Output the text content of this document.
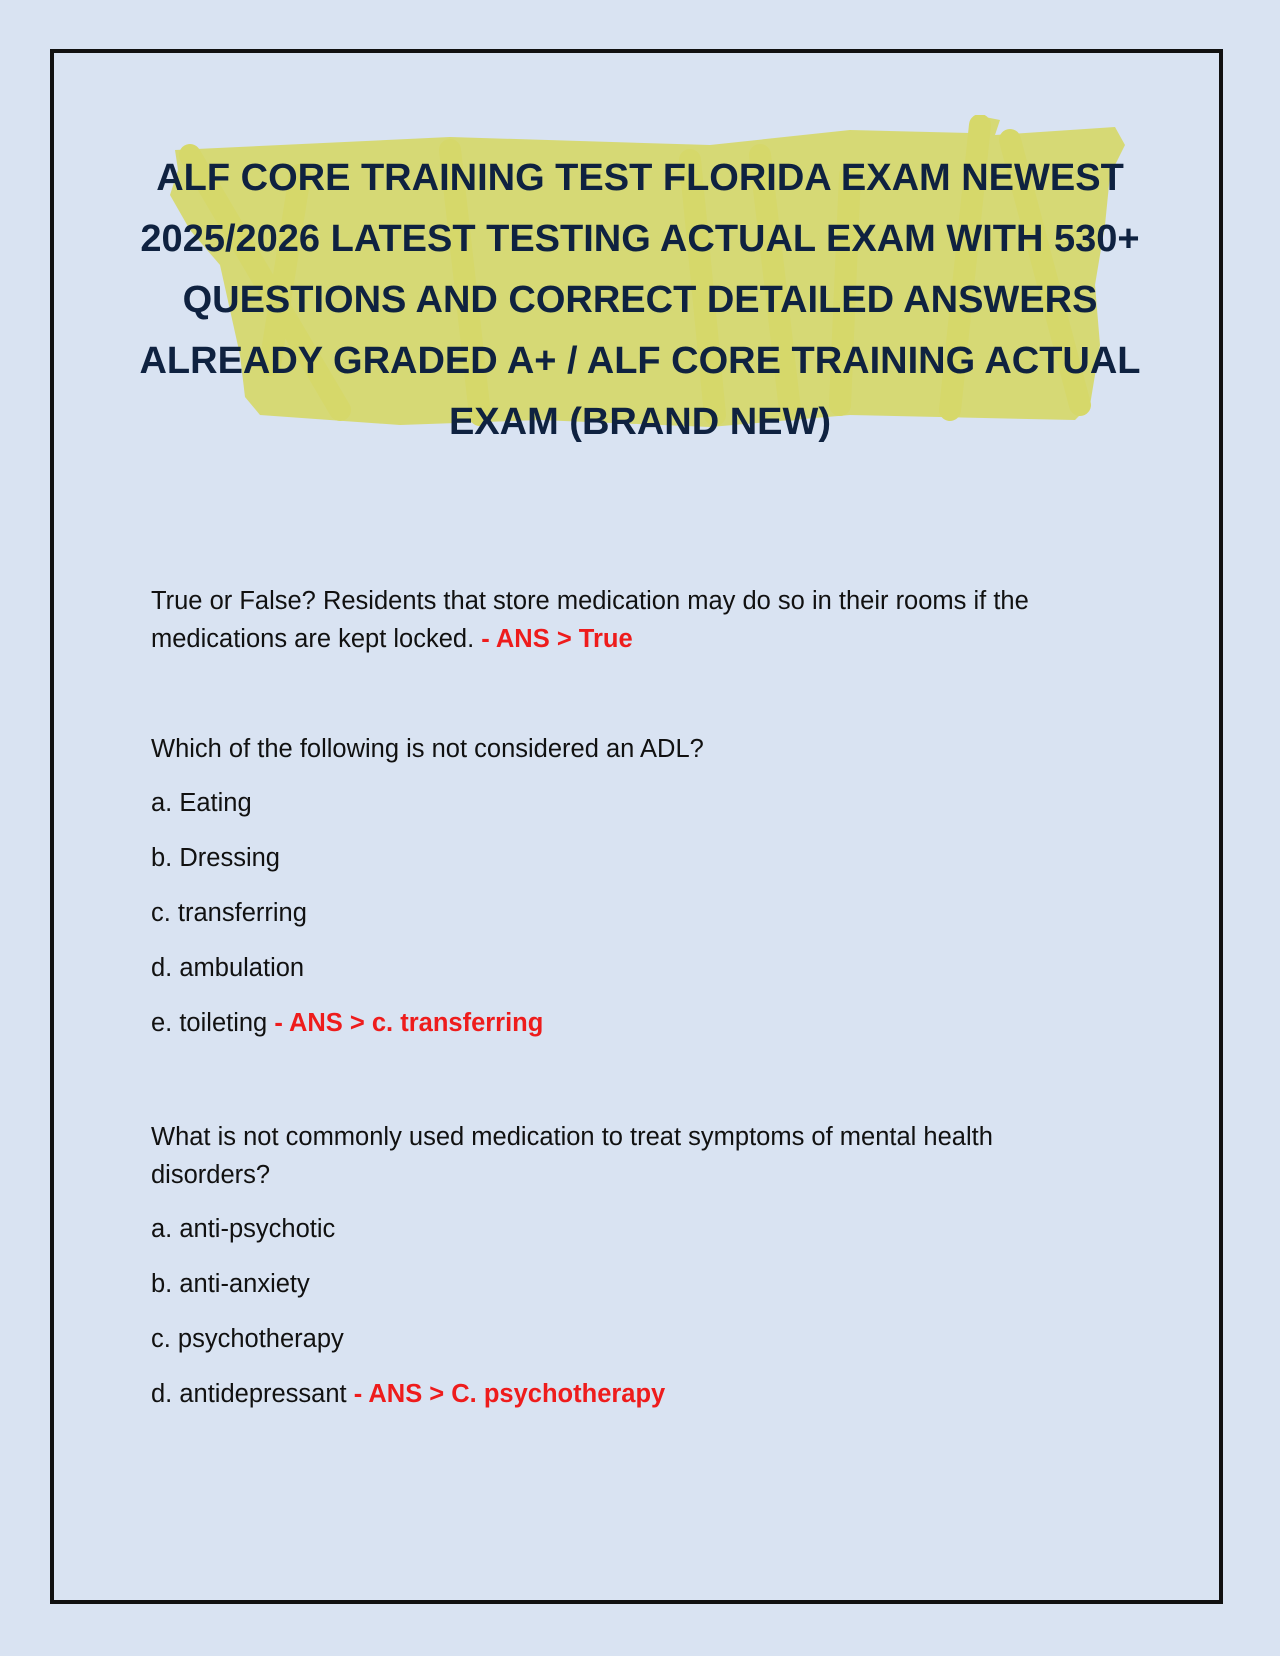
ALF CORE TRAINING TEST FLORIDA EXAM NEWEST 2025/2026 LATEST TESTING ACTUAL EXAM WITH 530+ QUESTIONS AND CORRECT DETAILED ANSWERS ALREADY GRADED A+ / ALF CORE TRAINING ACTUAL EXAM (BRAND NEW)

True or False? Residents that store medication may do so in their rooms if the medications are kept locked. - ANS > True

Which of the following is not considered an ADL?

a. Eating

b. Dressing

c. transferring

d. ambulation

e. toileting - ANS > c. transferring

What is not commonly used medication to treat symptoms of mental health disorders?

a. anti-psychotic

b. anti-anxiety

c. psychotherapy

d. antidepressant - ANS > C. psychotherapy
